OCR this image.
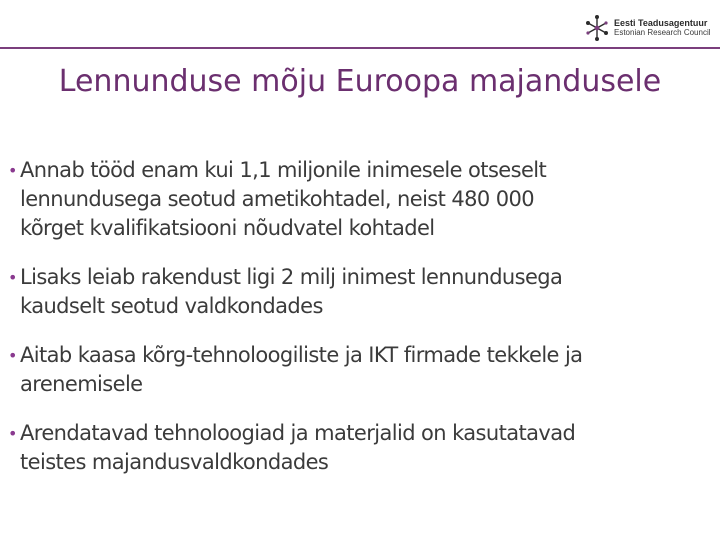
Eesti Teadusagentuur
Estonian Research Council
Lennunduse mõju Euroopa majandusele
• Annab tööd enam kui 1,1 miljonile inimesele otseselt
lennundusega seotud ametikohtadel, neist 480 000
kõrget kvalifikatsiooni nõudvatel kohtadel
• Lisaks leiab rakendust ligi 2 milj inimest lennundusega
kaudselt seotud valdkondades
• Aitab kaasa kõrg-tehnoloogiliste ja IKT firmade tekkele ja
arenemisele
• Arendatavad tehnoloogiad ja materjalid on kasutatavad
teistes majandusvaldkondades
